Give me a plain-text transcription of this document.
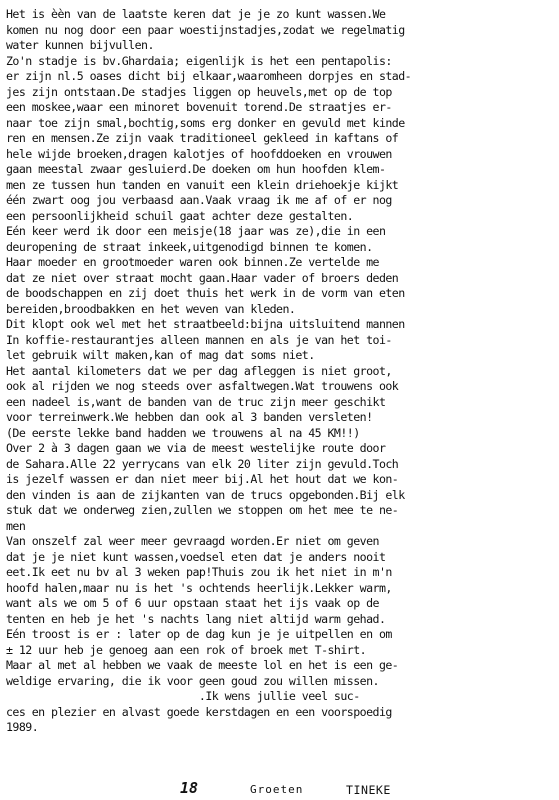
Het is èèn van de laatste keren dat je je zo kunt wassen.We
komen nu nog door een paar woestijnstadjes,zodat we regelmatig
water kunnen bijvullen.
Zo'n stadje is bv.Ghardaia; eigenlijk is het een pentapolis:
er zijn nl.5 oases dicht bij elkaar,waaromheen dorpjes en stad-
jes zijn ontstaan.De stadjes liggen op heuvels,met op de top
een moskee,waar een minoret bovenuit torend.De straatjes er-
naar toe zijn smal,bochtig,soms erg donker en gevuld met kinde
ren en mensen.Ze zijn vaak traditioneel gekleed in kaftans of
hele wijde broeken,dragen kalotjes of hoofddoeken en vrouwen
gaan meestal zwaar gesluierd.De doeken om hun hoofden klem-
men ze tussen hun tanden en vanuit een klein driehoekje kijkt
één zwart oog jou verbaasd aan.Vaak vraag ik me af of er nog
een persoonlijkheid schuil gaat achter deze gestalten.
Eén keer werd ik door een meisje(18 jaar was ze),die in een
deuropening de straat inkeek,uitgenodigd binnen te komen.
Haar moeder en grootmoeder waren ook binnen.Ze vertelde me
dat ze niet over straat mocht gaan.Haar vader of broers deden
de boodschappen en zij doet thuis het werk in de vorm van eten
bereiden,broodbakken en het weven van kleden.
Dit klopt ook wel met het straatbeeld:bijna uitsluitend mannen
In koffie-restaurantjes alleen mannen en als je van het toi-
let gebruik wilt maken,kan of mag dat soms niet.
Het aantal kilometers dat we per dag afleggen is niet groot,
ook al rijden we nog steeds over asfaltwegen.Wat trouwens ook
een nadeel is,want de banden van de truc zijn meer geschikt
voor terreinwerk.We hebben dan ook al 3 banden versleten!
(De eerste lekke band hadden we trouwens al na 45 KM!!)
Over 2 à 3 dagen gaan we via de meest westelijke route door
de Sahara.Alle 22 yerrycans van elk 20 liter zijn gevuld.Toch
is jezelf wassen er dan niet meer bij.Al het hout dat we kon-
den vinden is aan de zijkanten van de trucs opgebonden.Bij elk
stuk dat we onderweg zien,zullen we stoppen om het mee te ne-
men
Van onszelf zal weer meer gevraagd worden.Er niet om geven
dat je je niet kunt wassen,voedsel eten dat je anders nooit
eet.Ik eet nu bv al 3 weken pap!Thuis zou ik het niet in m'n
hoofd halen,maar nu is het 's ochtends heerlijk.Lekker warm,
want als we om 5 of 6 uur opstaan staat het ijs vaak op de
tenten en heb je het 's nachts lang niet altijd warm gehad.
Eén troost is er : later op de dag kun je je uitpellen en om
± 12 uur heb je genoeg aan een rok of broek met T-shirt.
Maar al met al hebben we vaak de meeste lol en het is een ge-
weldige ervaring, die ik voor geen goud zou willen missen.
.Ik wens jullie veel suc-
ces en plezier en alvast goede kerstdagen en een voorspoedig
1989.
18	Groeten	TINEKE
